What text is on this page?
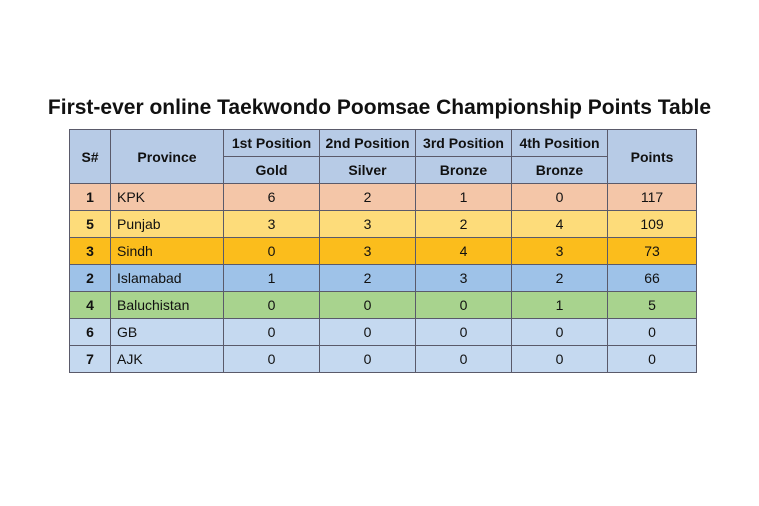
First-ever online Taekwondo Poomsae Championship Points Table
S#	Province	1st Position	2nd Position	3rd Position	4th Position	Points
		Gold	Silver	Bronze	Bronze	
1	KPK	6	2	1	0	117
5	Punjab	3	3	2	4	109
3	Sindh	0	3	4	3	73
2	Islamabad	1	2	3	2	66
4	Baluchistan	0	0	0	1	5
6	GB	0	0	0	0	0
7	AJK	0	0	0	0	0
